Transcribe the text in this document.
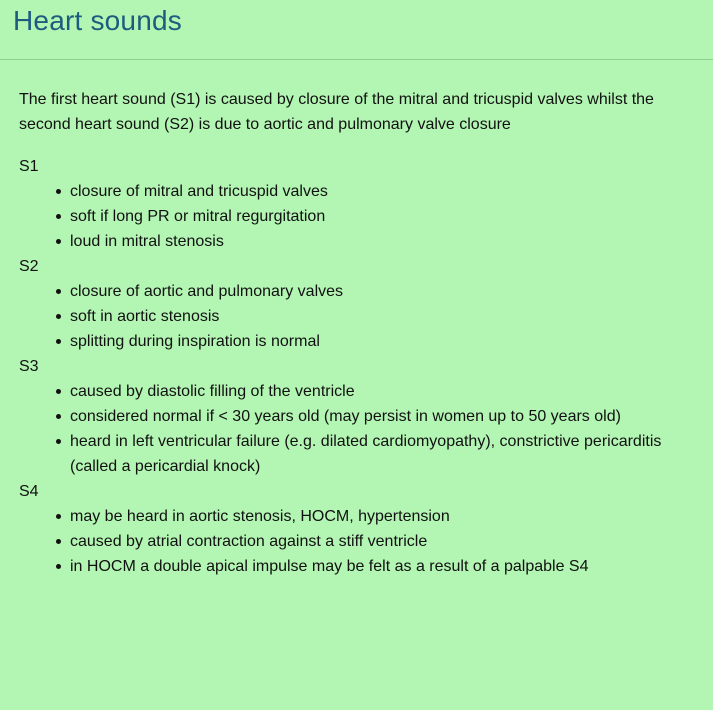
Heart sounds

The first heart sound (S1) is caused by closure of the mitral and tricuspid valves whilst the second heart sound (S2) is due to aortic and pulmonary valve closure

S1

closure of mitral and tricuspid valves
soft if long PR or mitral regurgitation
loud in mitral stenosis

S2

closure of aortic and pulmonary valves
soft in aortic stenosis
splitting during inspiration is normal

S3

caused by diastolic filling of the ventricle
considered normal if < 30 years old (may persist in women up to 50 years old)
heard in left ventricular failure (e.g. dilated cardiomyopathy), constrictive pericarditis (called a pericardial knock)

S4

may be heard in aortic stenosis, HOCM, hypertension
caused by atrial contraction against a stiff ventricle
in HOCM a double apical impulse may be felt as a result of a palpable S4
